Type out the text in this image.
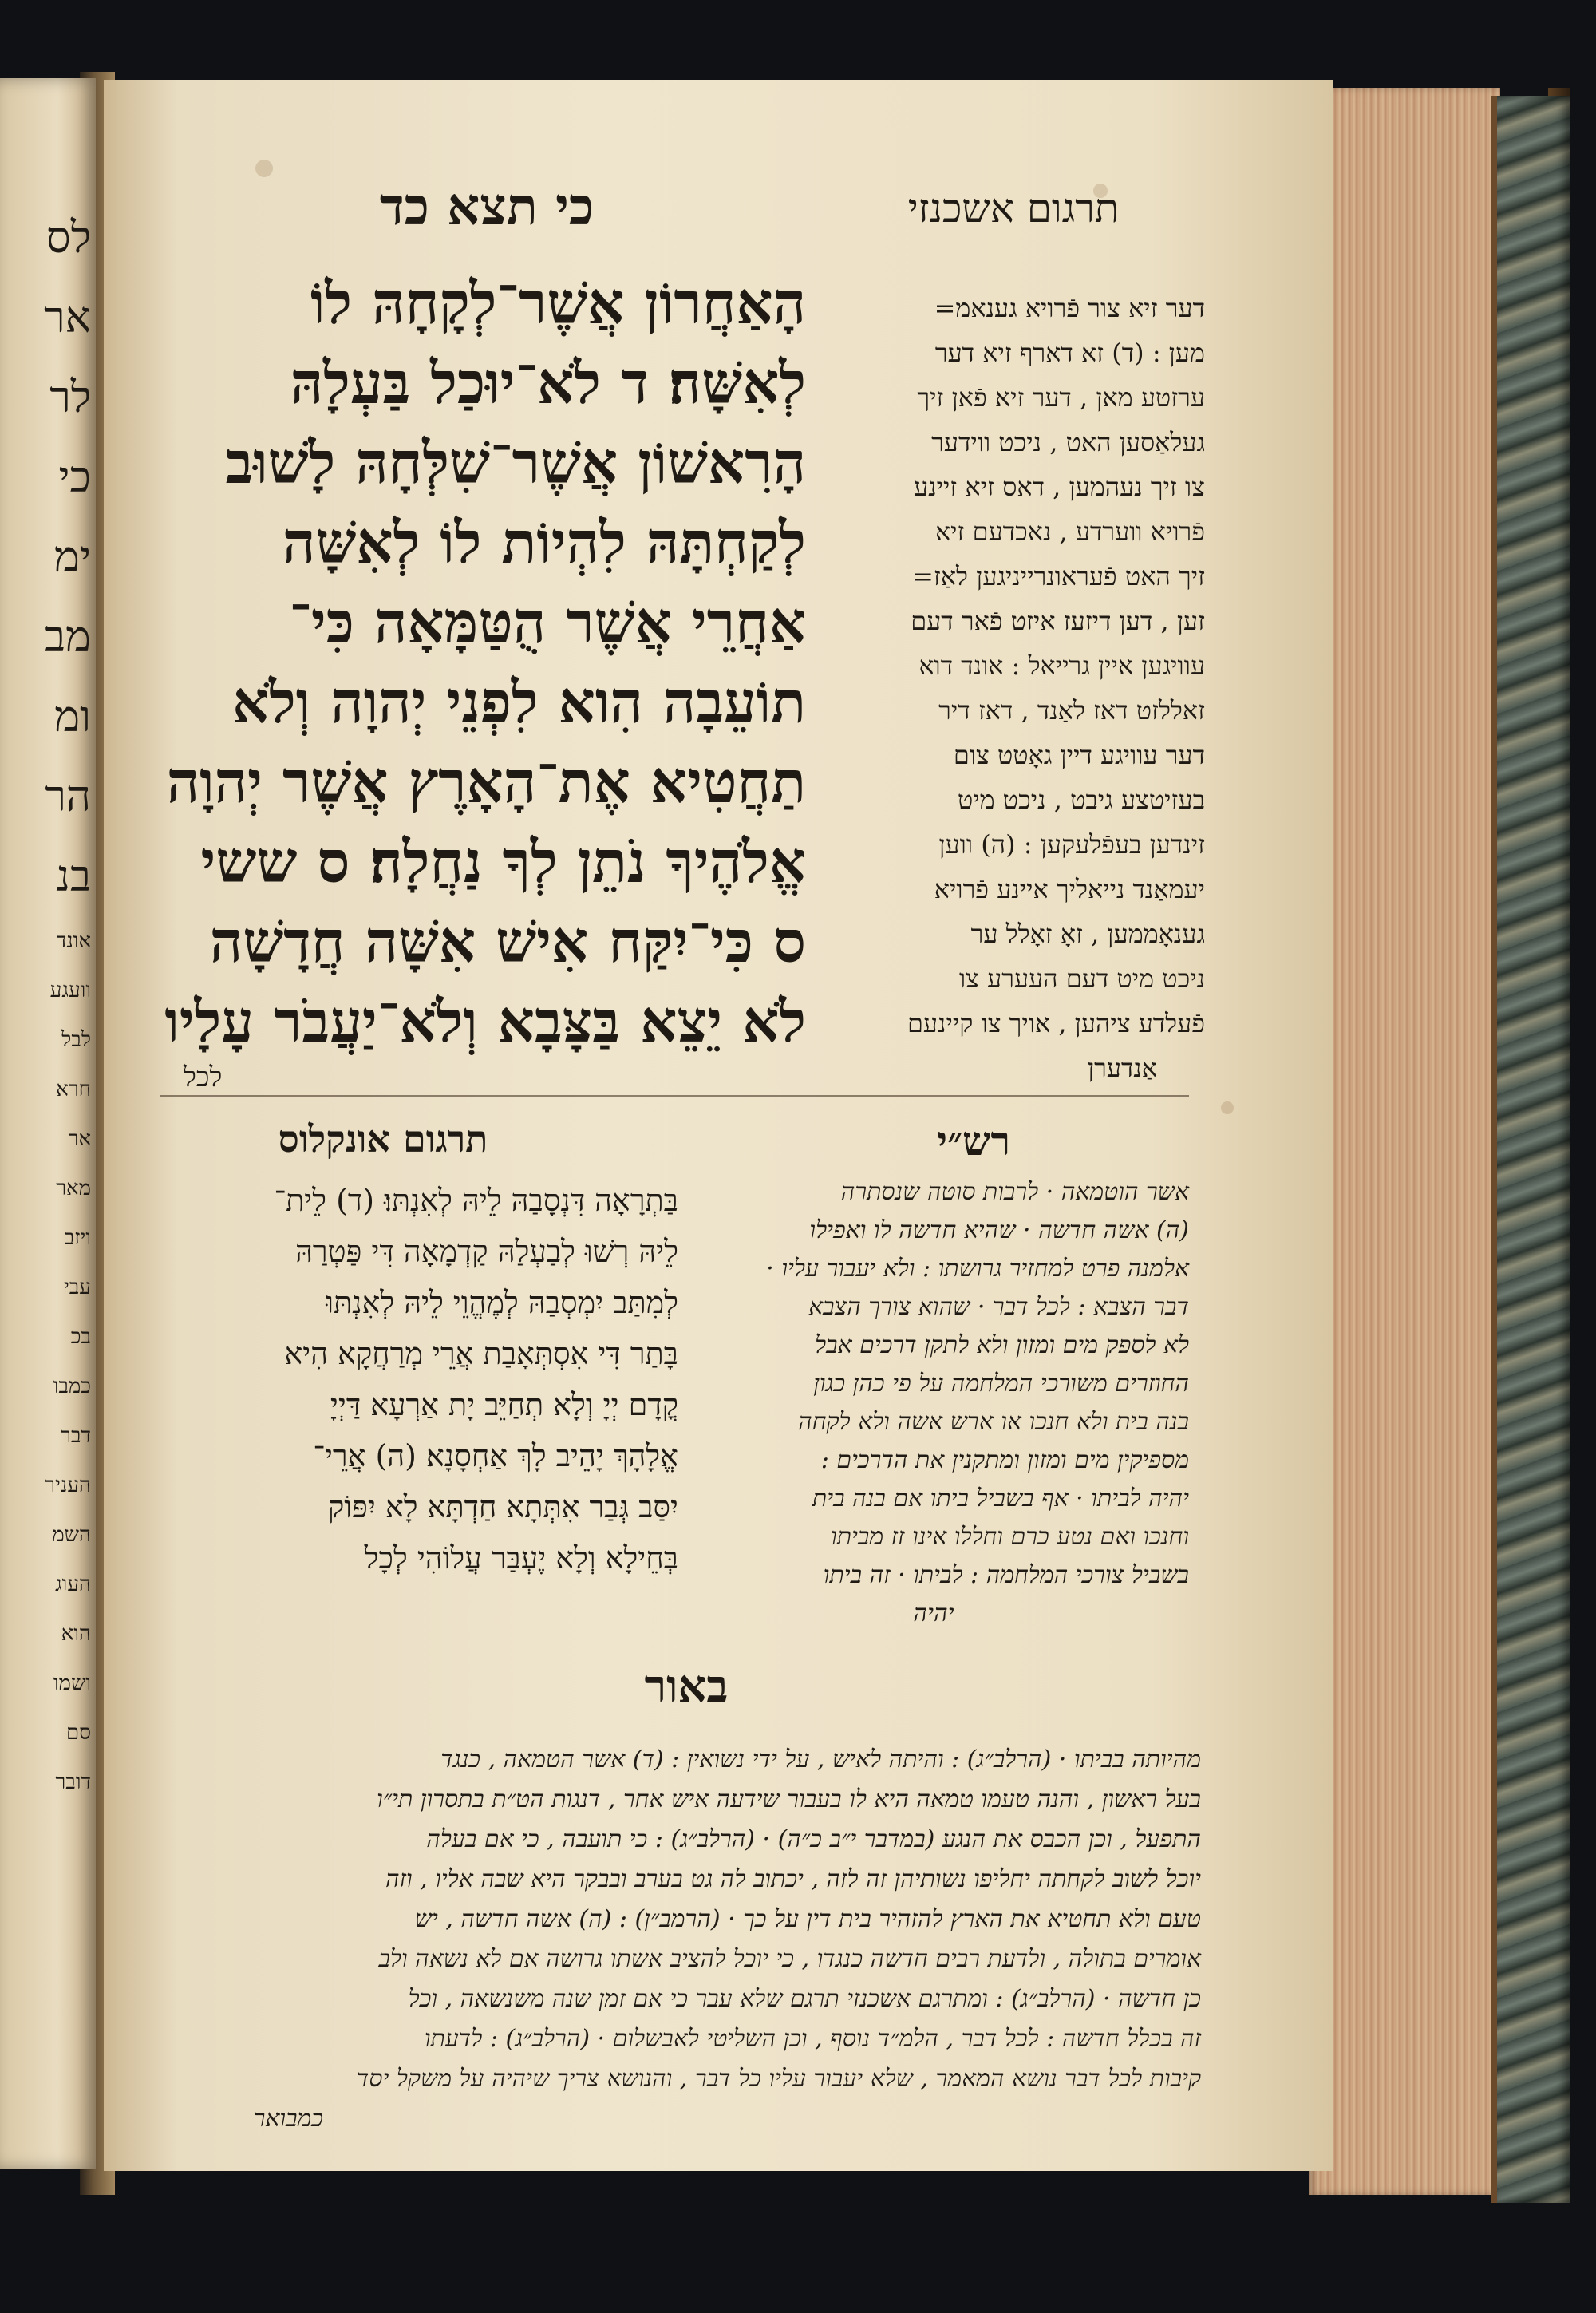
לס
אר
לר
כי
ימ
מב
ומ
הר
בנ
אונד
וועגע
לבל
חרא
אר
מאר
ויזב
עבי
בכ
כמבו
דבר
העניר
השמ
העוג
הוא
ושמו
סם
דובר
תרגום אשכנזי
כי תצא כד
הָאַחֲרוֹן אֲשֶׁר־לְקָחָהּ לוֹ
לְאִשָּׁה׃ ד לֹא־יוּכַל בַּעְלָהּ
הָרִאשׁוֹן אֲשֶׁר־שִׁלְּחָהּ לָשׁוּב
לְקַחְתָּהּ לִהְיוֹת לוֹ לְאִשָּׁה
אַחֲרֵי אֲשֶׁר הֻטַּמָּאָה כִּי־
תוֹעֵבָה הִוא לִפְנֵי יְהוָה וְלֹא
תַחֲטִיא אֶת־הָאָרֶץ אֲשֶׁר יְהוָה
אֱלֹהֶיךָ נֹתֵן לְךָ נַחֲלָה׃ ס ששי
ס כִּי־יִקַּח אִישׁ אִשָּׁה חֲדָשָׁה
לֹא יֵצֵא בַּצָּבָא וְלֹא־יַעֲבֹר עָלָיו
לכל
דער זיא צור פֿרויא גענאמ=
מען : (ד) זא דארף זיא דער
ערזטע מאן , דער זיא פֿאן זיך
געלאַסען האט , ניכט ווידער
צו זיך נעהמען , דאס זיא זיינע
פֿרויא ווערדע , נאכדעם זיא
זיך האט פֿעראונרייניגען לאַז=
זען , דען דיזעז איזט פֿאר דעם
עוויגען איין גרייאל : אונד דוא
זאללזט דאז לאַנד , דאז דיר
דער עוויגע דיין גאָטט צום
בעזיטצע גיבט , ניכט מיט
זינדען בעפֿלעקען : (ה) ווען
יעמאַנד נייאליך איינע פֿרויא
גענאָממען , זאָ זאָלל ער
ניכט מיט דעם העערע צו
פֿעלדע ציהען , אויך צו קיינעם
אַנדערן
רש״י
תרגום אונקלוס
בַּתְרָאָה דִּנְסָבַהּ לֵיהּ לְאִנְתּוּ׃ (ד) לֵית־
לֵיהּ רְשׁוּ לְבַעְלַהּ קַדְמָאָה דִּי פַּטְרַהּ
לְמִתַּב יִמְסְבַהּ לְמֶהֱוֵי לֵיהּ לְאִנְתּוּ
בָּתַר דִּי אִסְתְּאָבַת אֲרֵי מְרַחֲקָא הִיא
קֳדָם יְיָ וְלָא תְחַיֵּב יָת אַרְעָא דַּיְיָ
אֱלָהָךְ יָהֵיב לָךְ אַחְסָנָא׃ (ה) אֲרֵי־
יִסַּב גְּבַר אִתְּתָא חַדְתָּא לָא יִפּוֹק
בְּחֵילָא וְלָא יֶעְבַּר עֲלוֹהִי לְכָל
אשר הוטמאה · לרבות סוטה שנסתרה
(ה) אשה חדשה · שהיא חדשה לו ואפילו
אלמנה פרט למחזיר גרושתו : ולא יעבור עליו ·
דבר הצבא : לכל דבר · שהוא צורך הצבא
לא לספק מים ומזון ולא לתקן דרכים אבל
החוזרים משורכי המלחמה על פי כהן כגון
בנה בית ולא חנכו או ארש אשה ולא לקחה
מספיקין מים ומזון ומתקנין את הדרכים :
יהיה לביתו · אף בשביל ביתו אם בנה בית
וחנכו ואם נטע כרם וחללו אינו זז מביתו
בשביל צורכי המלחמה : לביתו · זה ביתו
יהיה
באור
מהיותה בביתו · (הרלב״ג) : והיתה לאיש , על ידי נשואין : (ד) אשר הטמאה , כנגד
בעל ראשון , והנה טעמו טמאה היא לו בעבור שידעה איש אחר , דנגות הט״ת בתסרון תי״ו
התפעל , וכן הכבס את הנגע (במדבר י״ב כ״ה) · (הרלב״ג) : כי תועבה , כי אם בעלה
יוכל לשוב לקחתה יחליפו נשותיהן זה לזה , יכתוב לה גט בערב ובבקר היא שבה אליו , וזה
טעם ולא תחטיא את הארץ להזהיר בית דין על כך · (הרמב״ן) : (ה) אשה חדשה , יש
אומרים בתולה , ולדעת רבים חדשה כנגדו , כי יוכל להציב אשתו גרושה אם לא נשאה ולב
כן חדשה · (הרלב״ג) : ומתרגם אשכנזי תרגם שלא עבר כי אם זמן שנה משנשאה , וכל
זה בכלל חדשה : לכל דבר , הלמ״ד נוסף , וכן השליטי לאבשלום · (הרלב״ג) : לדעתו
קיבות לכל דבר נושא המאמר , שלא יעבור עליו כל דבר , והנושא צריך שיהיה על משקל יסד
כמבואר
